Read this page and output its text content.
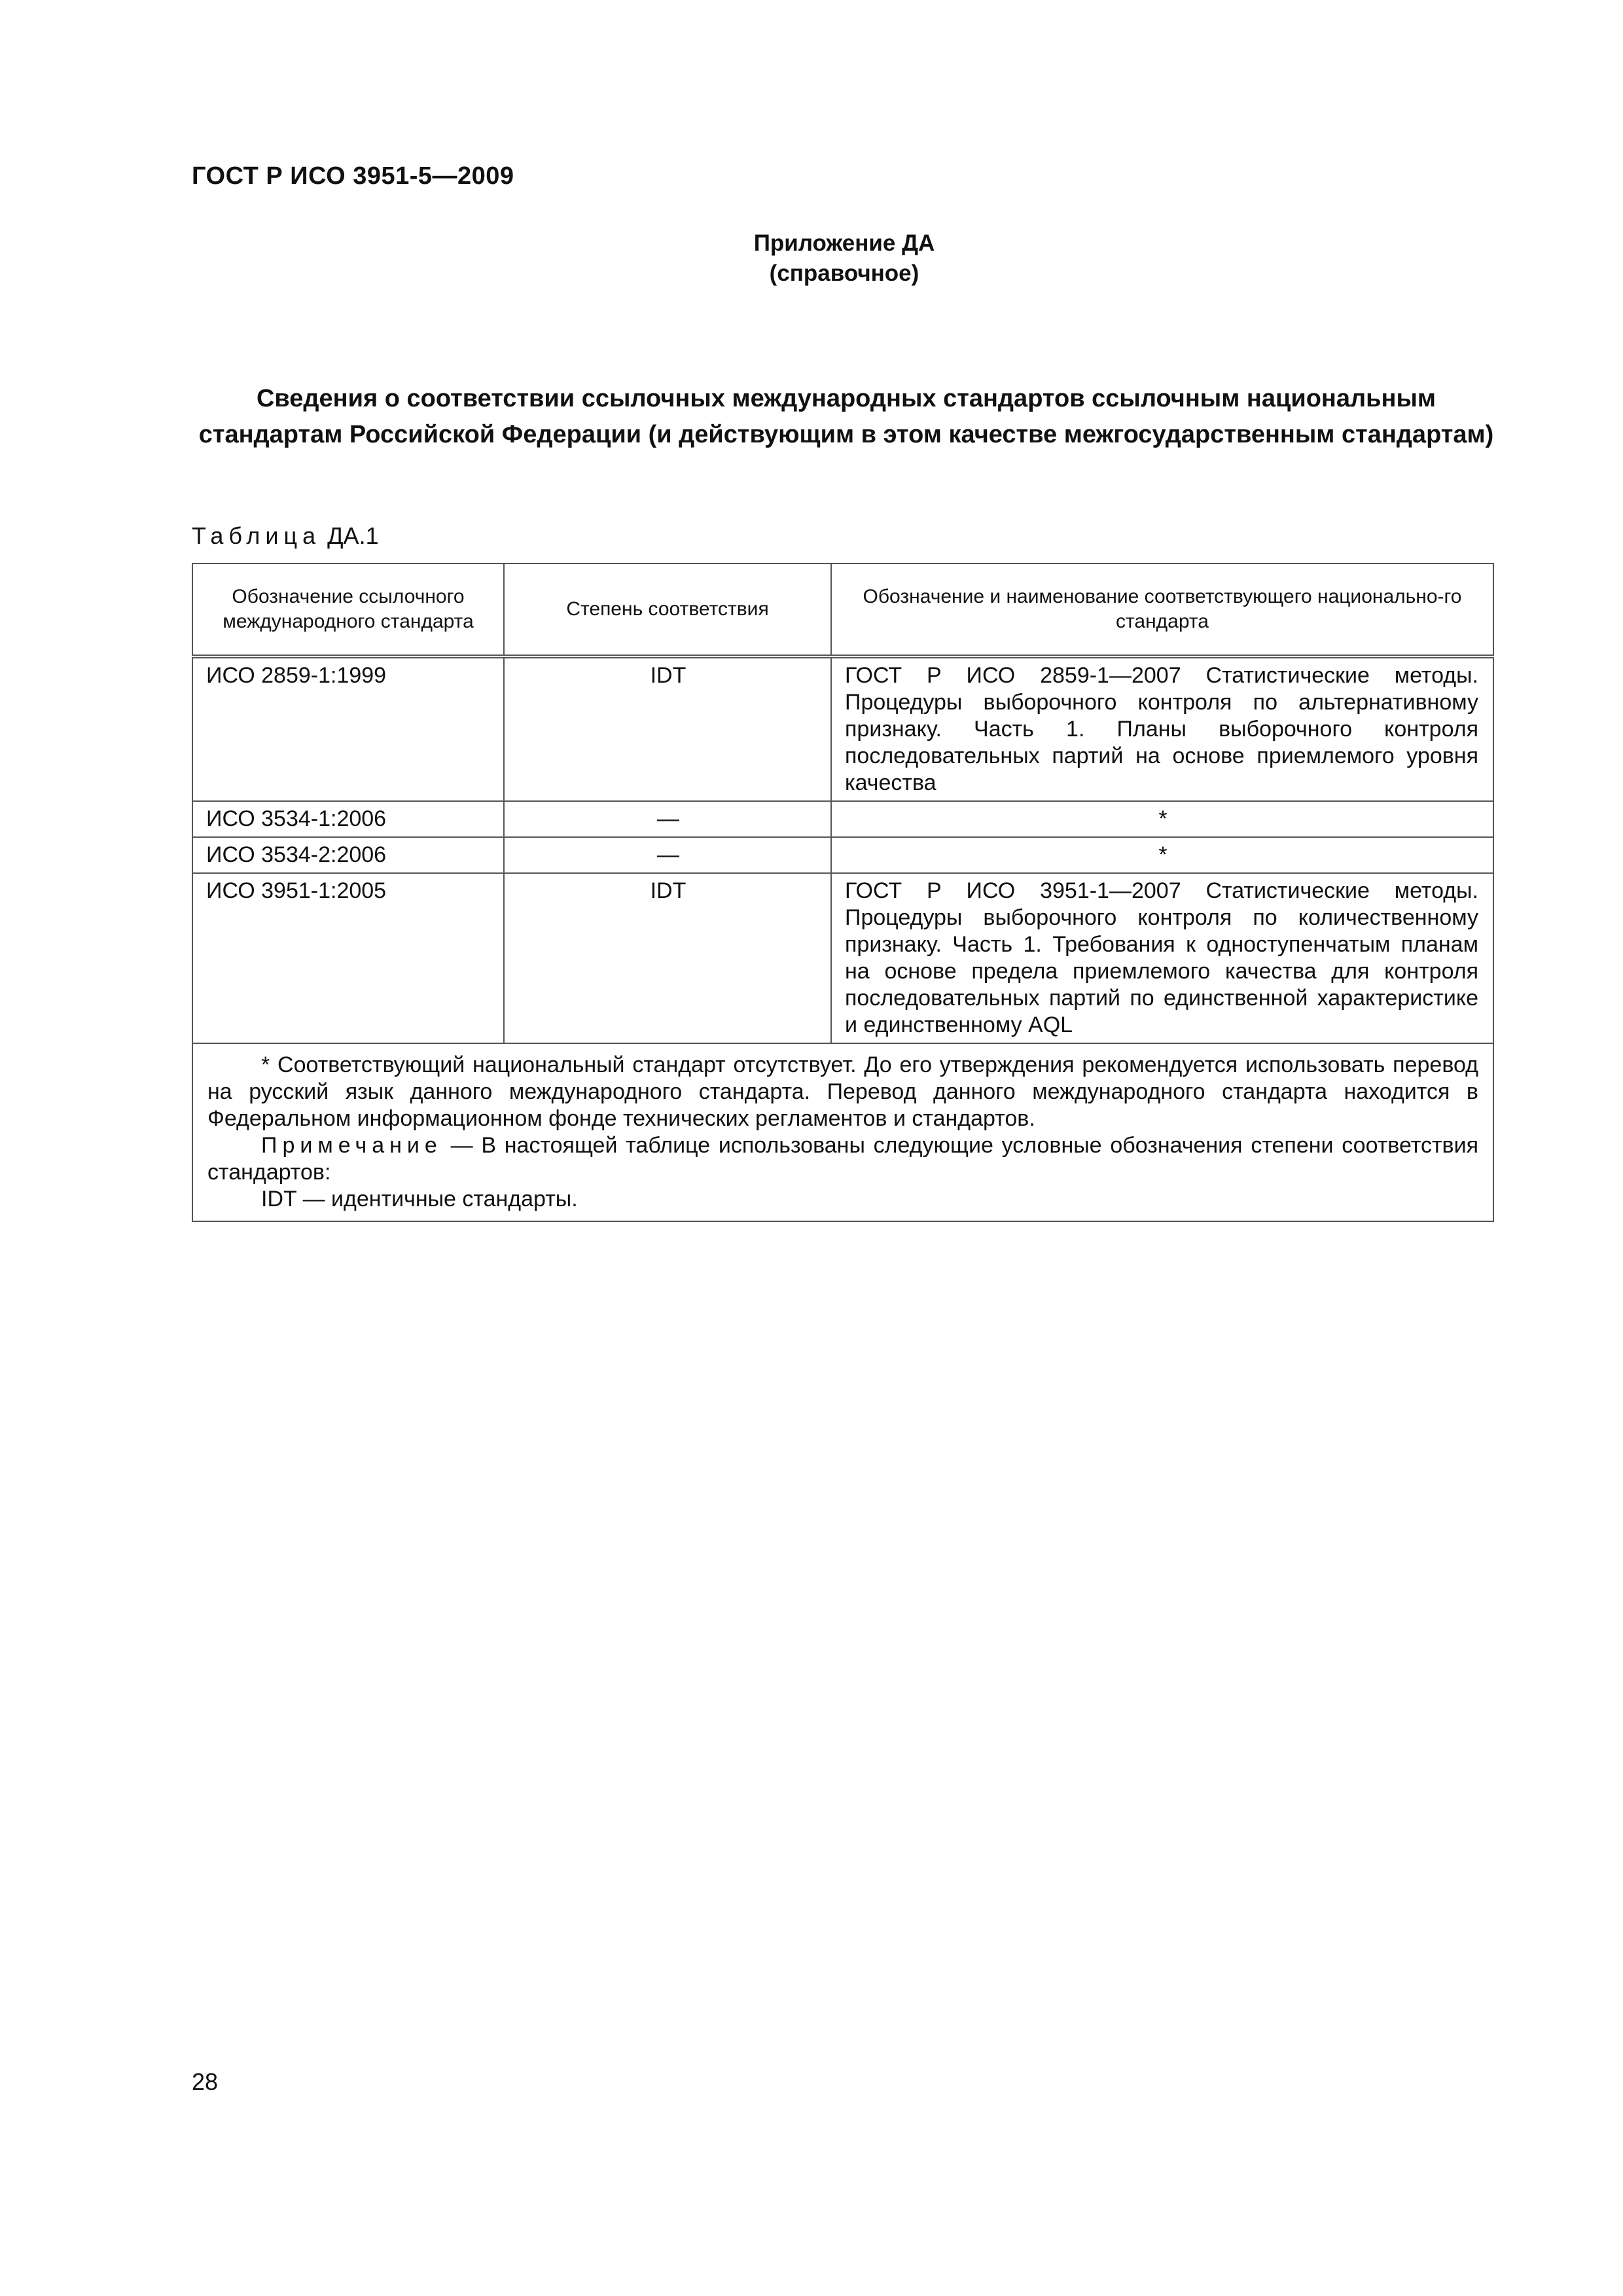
ГОСТ Р ИСО 3951-5—2009
Приложение ДА
(справочное)
Сведения о соответствии ссылочных международных стандартов ссылочным национальным стандартам Российской Федерации (и действующим в этом качестве межгосударственным стандартам)
Таблица ДА.1
Обозначение ссылочного международного стандарта	Степень соответствия	Обозначение и наименование соответствующего национально-го стандарта
ИСО 2859-1:1999	IDT	ГОСТ Р ИСО 2859-1—2007 Статистические методы. Процедуры выборочного контроля по альтернативному признаку. Часть 1. Планы выборочного контроля последовательных партий на основе приемлемого уровня качества
ИСО 3534-1:2006	—	*
ИСО 3534-2:2006	—	*
ИСО 3951-1:2005	IDT	ГОСТ Р ИСО 3951-1—2007 Статистические методы. Процедуры выборочного контроля по количественному признаку. Часть 1. Требования к одноступенчатым планам на основе предела приемлемого качества для контроля последовательных партий по единственной характеристике и единственному AQL

* Соответствующий национальный стандарт отсутствует. До его утверждения рекомендуется использовать перевод на русский язык данного международного стандарта. Перевод данного международного стандарта находится в Федеральном информационном фонде технических регламентов и стандартов.
Примечание — В настоящей таблице использованы следующие условные обозначения степени соответствия стандартов:
IDT — идентичные стандарты.		
28
